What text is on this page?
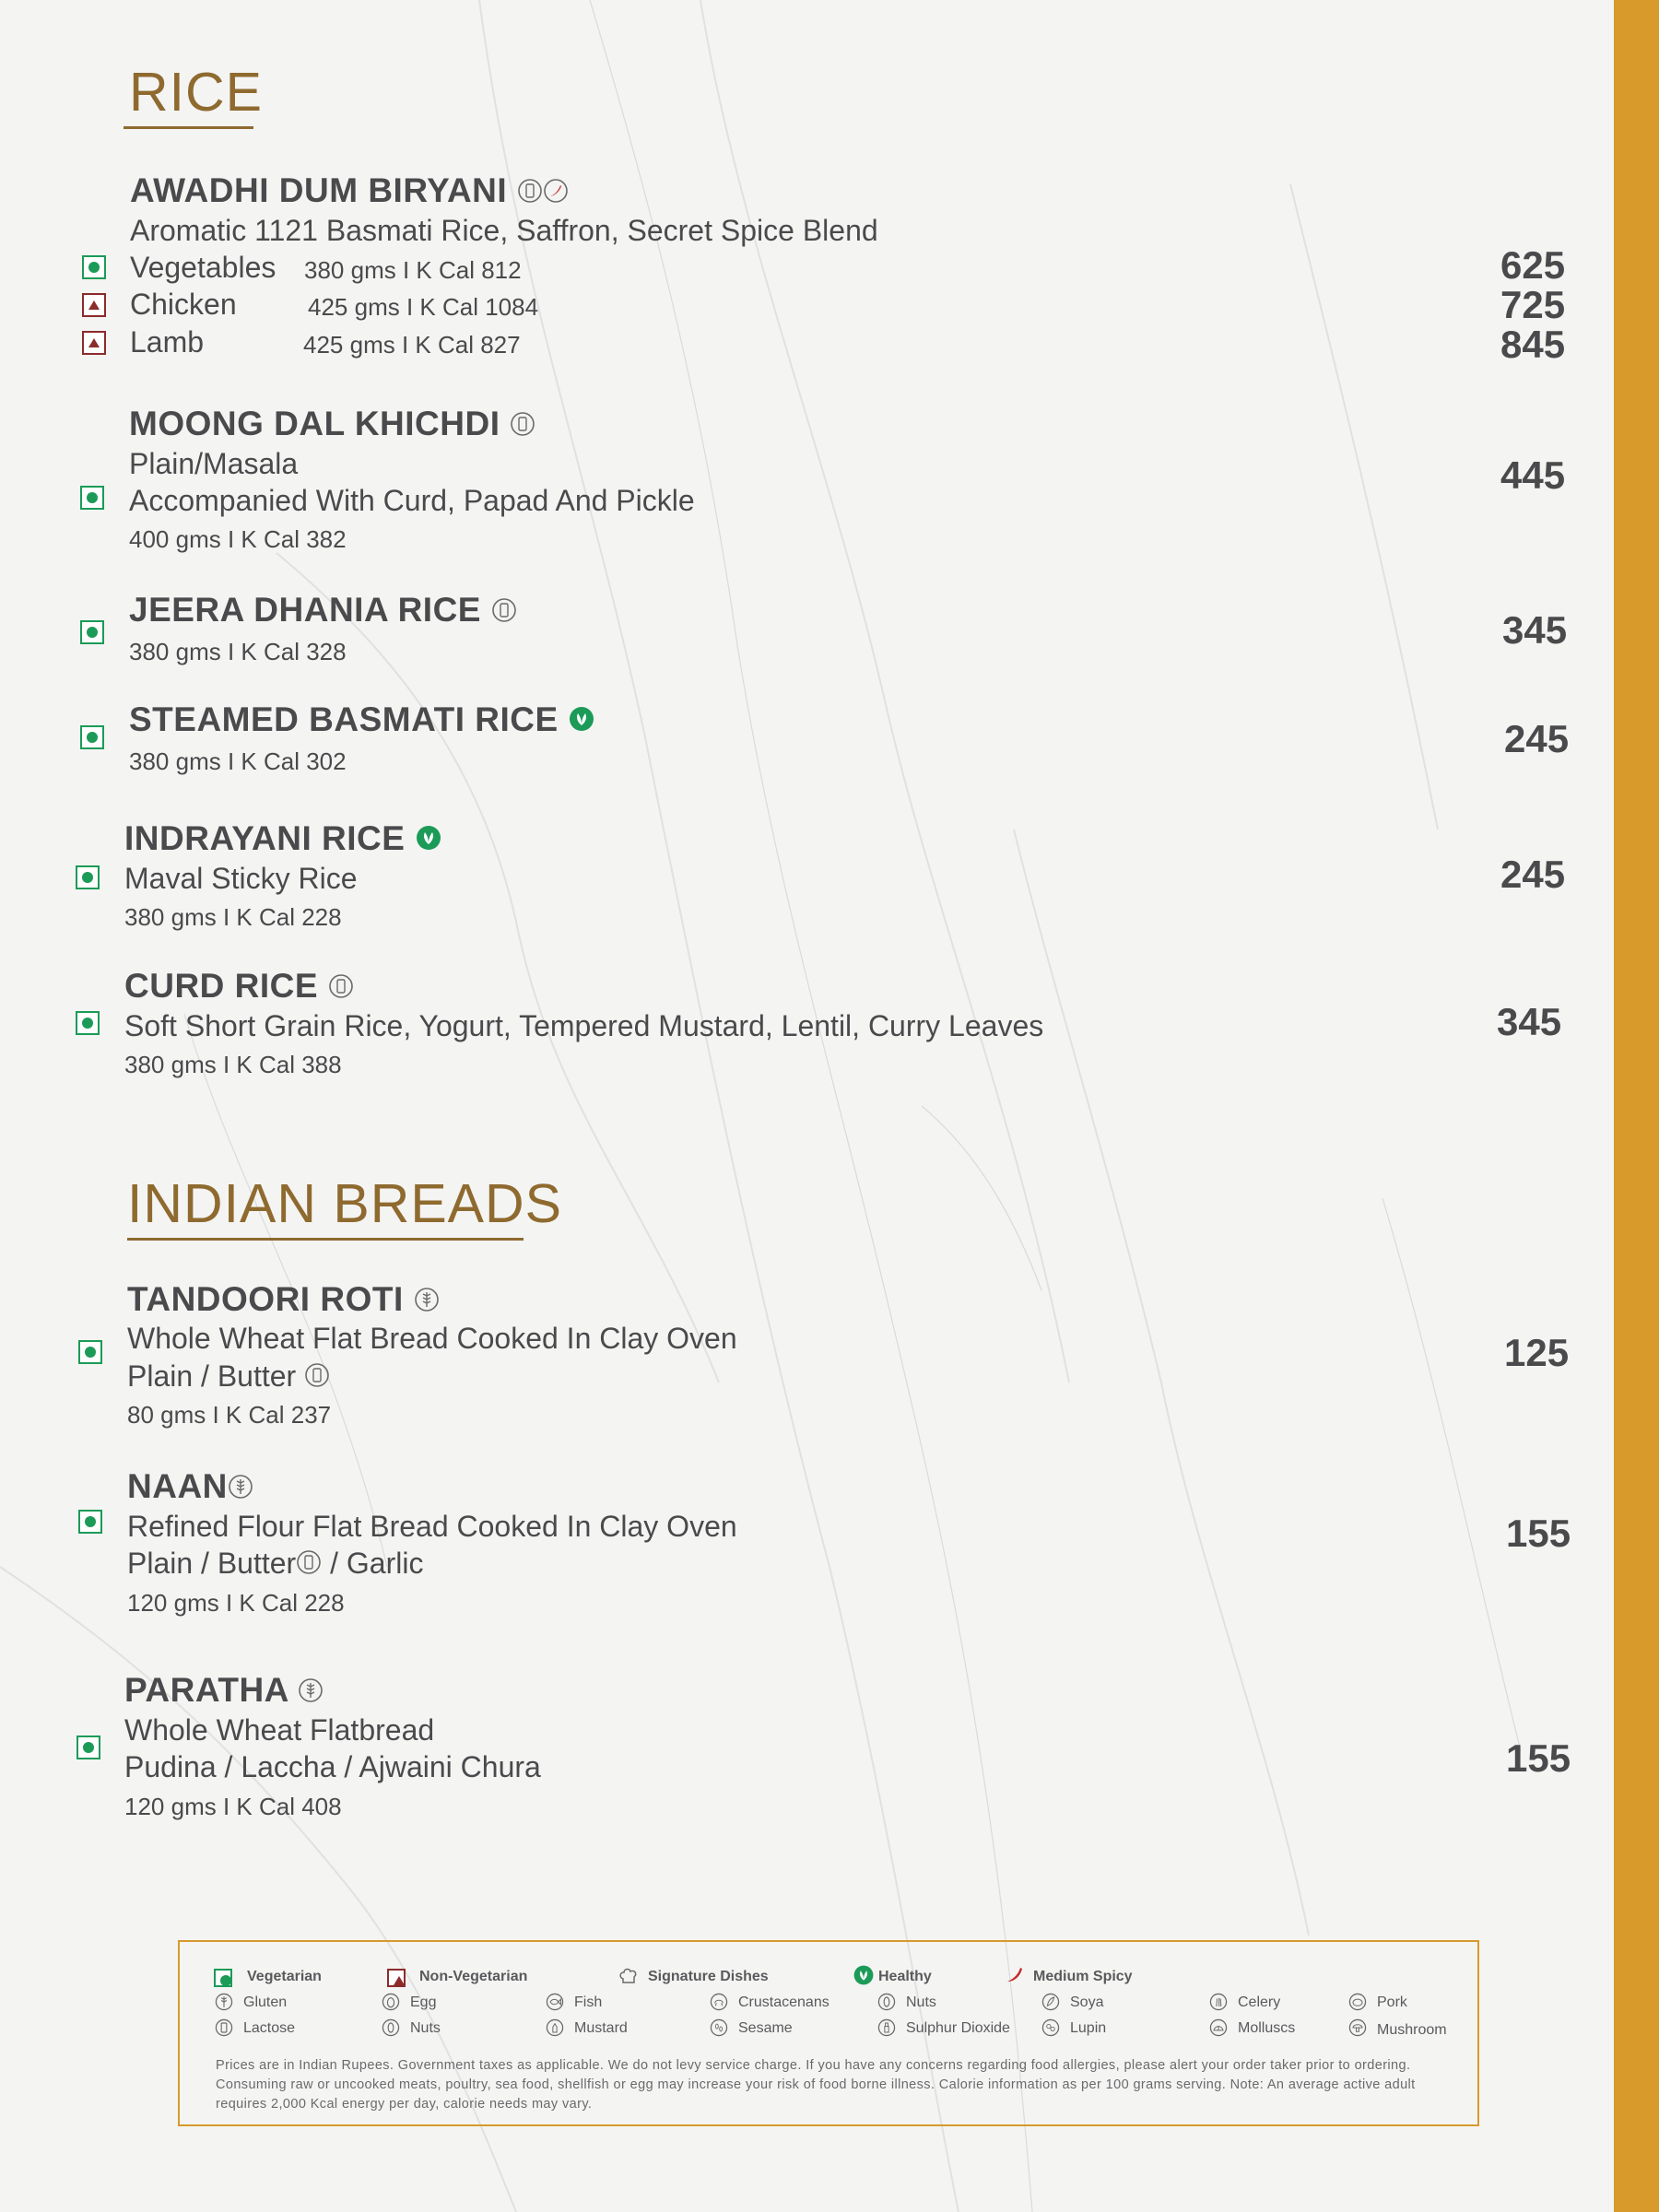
RICE
AWADHI DUM BIRYANI
Aromatic 1121 Basmati Rice, Saffron, Secret Spice Blend
Vegetables 380 gms I K Cal 812	625
Chicken	425 gms I K Cal 1084	725
Lamb	425 gms I K Cal 827	845
MOONG DAL KHICHDI
Plain/Masala
Accompanied With Curd, Papad And Pickle
400 gms I K Cal 382
445
JEERA DHANIA RICE
380 gms I K Cal 328	345
STEAMED BASMATI RICE
380 gms I K Cal 302
245
INDRAYANI RICE
Maval Sticky Rice
380 gms I K Cal 228
245
CURD RICE
Soft Short Grain Rice, Yogurt, Tempered Mustard, Lentil, Curry Leaves
380 gms I K Cal 388
345
INDIAN BREADS
TANDOORI ROTI
Whole Wheat Flat Bread Cooked In Clay Oven
Plain / Butter
80 gms I K Cal 237
125
NAAN
Refined Flour Flat Bread Cooked In Clay Oven
Plain / Butter / Garlic
120 gms I K Cal 228
155
PARATHA
Whole Wheat Flatbread
Pudina / Laccha / Ajwaini Chura
120 gms I K Cal 408
155
Vegetarian	Non-Vegetarian	Signature Dishes	Healthy	Medium Spicy
Gluten	Egg	Fish	Crustacenans	Nuts	Soya	Celery	Pork
Lactose	Nuts	Mustard	Sesame	Sulphur Dioxide	Lupin	Molluscs	Mushroom
Prices are in Indian Rupees. Government taxes as applicable. We do not levy service charge. If you have any concerns regarding food allergies, please alert your order taker prior to ordering. Consuming raw or uncooked meats, poultry, sea food, shellfish or egg may increase your risk of food borne illness. Calorie information as per 100 grams serving. Note: An average active adult requires 2,000 Kcal energy per day, calorie needs may vary.
